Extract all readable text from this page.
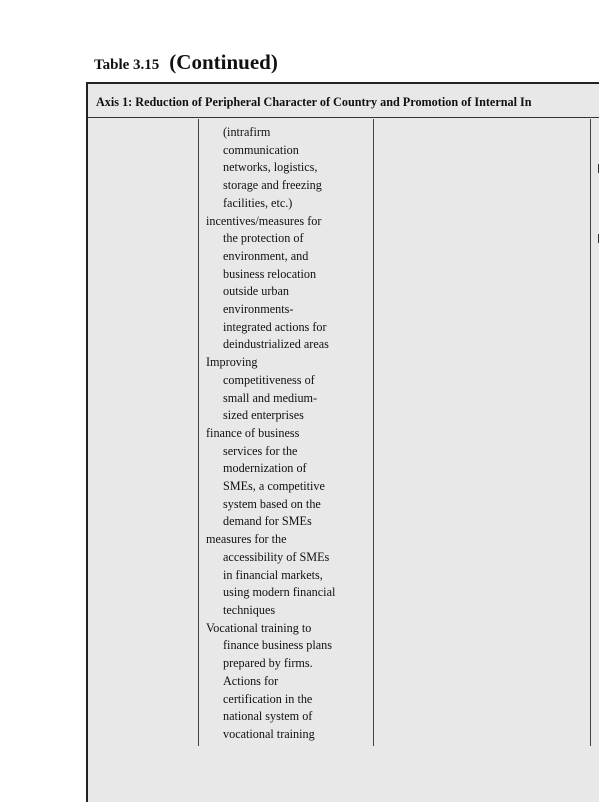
Table 3.15 (Continued)
Axis 1: Reduction of Peripheral Character of Country and Promotion of Internal In
(intrafirm
communication
networks, logistics,
storage and freezing
facilities, etc.)
incentives/measures for
the protection of
environment, and
business relocation
outside urban
environments-
integrated actions for
deindustrialized areas
Improving
competitiveness of
small and medium-
sized enterprises
finance of business
services for the
modernization of
SMEs, a competitive
system based on the
demand for SMEs
measures for the
accessibility of SMEs
in financial markets,
using modern financial
techniques
Vocational training to
finance business plans
prepared by firms.
Actions for
certification in the
national system of
vocational training
